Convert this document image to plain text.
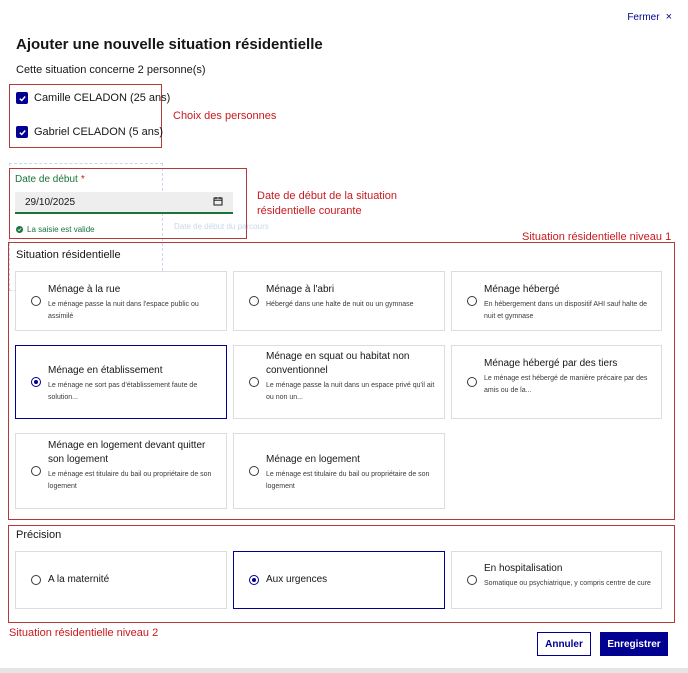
Fermer ×
Ajouter une nouvelle situation résidentielle
Cette situation concerne 2 personne(s)
Camille CELADON (25 ans)
Gabriel CELADON (5 ans)
Choix des personnes
Date de début *
29/10/2025
La saisie est valide	Date de début du parcours
Date de début de la situation
résidentielle courante
Situation résidentielle niveau 1
Situation résidentielle
Ménage à la rue
Le ménage passe la nuit dans l'espace public ou assimilé
Ménage à l'abri
Hébergé dans une halte de nuit ou un gymnase
Ménage hébergé
En hébergement dans un dispositif AHI sauf halte de nuit et gymnase
Ménage en établissement
Le ménage ne sort pas d'établissement faute de solution...
Ménage en squat ou habitat non conventionnel
Le ménage passe la nuit dans un espace privé qu'il ait ou non un...
Ménage hébergé par des tiers
Le ménage est hébergé de manière précaire par des amis ou de la...
Ménage en logement devant quitter son logement
Le ménage est titulaire du bail ou propriétaire de son logement
Ménage en logement
Le ménage est titulaire du bail ou propriétaire de son logement
Précision
A la maternité	Aux urgences
En hospitalisation
Somatique ou psychiatrique, y compris centre de cure
Situation résidentielle niveau 2
Annuler	Enregistrer
